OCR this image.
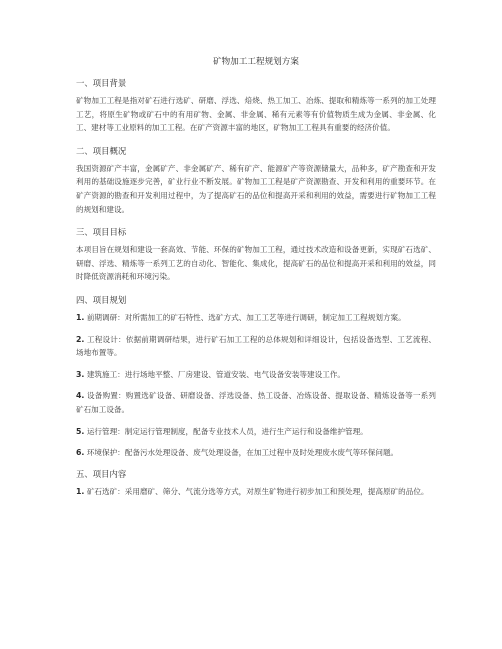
矿物加工工程规划方案
一、项目背景
矿物加工工程是指对矿石进行选矿、研磨、浮选、焙烧、热工加工、冶炼、提取和精炼等一系列的加工处理工艺，将原生矿物或矿石中的有用矿物、金属、非金属、稀有元素等有价值物质生成为金属、非金属、化工、建材等工业原料的加工工程。在矿产资源丰富的地区，矿物加工工程具有重要的经济价值。
二、项目概况
我国资源矿产丰富，金属矿产、非金属矿产、稀有矿产、能源矿产等资源储量大，品种多，矿产勘查和开发利用的基础设施逐步完善，矿业行业不断发展。矿物加工工程是矿产资源勘查、开发和利用的重要环节。在矿产资源的勘查和开发利用过程中，为了提高矿石的品位和提高开采和利用的效益，需要进行矿物加工工程的规划和建设。
三、项目目标
本项目旨在规划和建设一套高效、节能、环保的矿物加工工程，通过技术改造和设备更新，实现矿石选矿、研磨、浮选、精炼等一系列工艺的自动化、智能化、集成化，提高矿石的品位和提高开采和利用的效益，同时降低资源消耗和环境污染。
四、项目规划
1. 前期调研：对所需加工的矿石特性、选矿方式、加工工艺等进行调研，制定加工工程规划方案。
2. 工程设计：依据前期调研结果，进行矿石加工工程的总体规划和详细设计，包括设备选型、工艺流程、场地布置等。
3. 建筑施工：进行场地平整、厂房建设、管道安装、电气设备安装等建设工作。
4. 设备购置：购置选矿设备、研磨设备、浮选设备、热工设备、冶炼设备、提取设备、精炼设备等一系列矿石加工设备。
5. 运行管理：制定运行管理制度，配备专业技术人员，进行生产运行和设备维护管理。
6. 环境保护：配备污水处理设备、废气处理设备，在加工过程中及时处理废水废气等环保问题。
五、项目内容
1. 矿石选矿：采用磨矿、筛分、气流分选等方式，对原生矿物进行初步加工和预处理，提高原矿的品位。
